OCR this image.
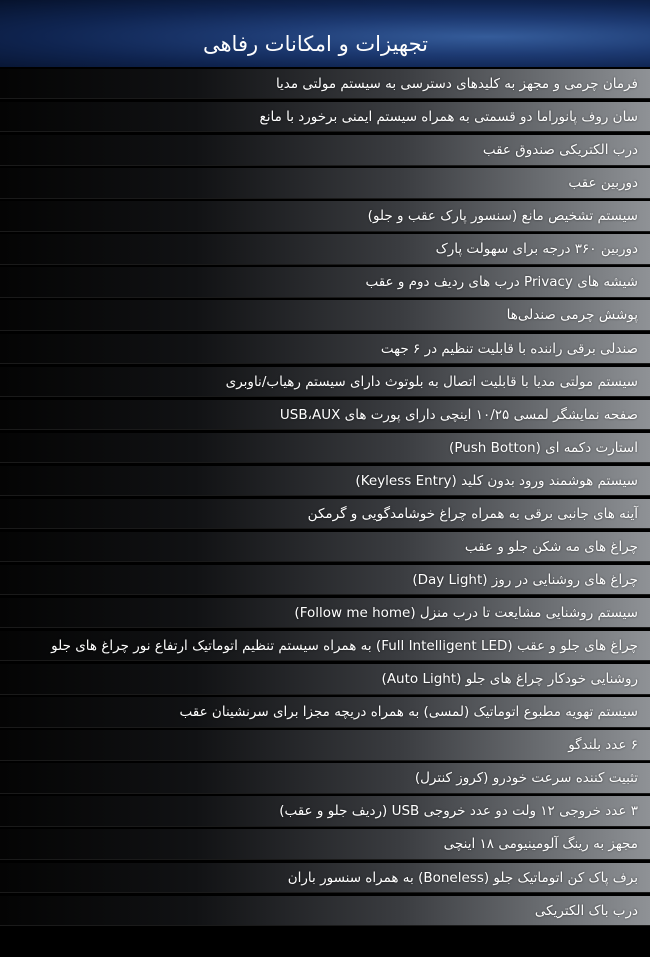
تجهیزات و امکانات رفاهی
فرمان چرمی و مجهز به کلیدهای دسترسی به سیستم مولتی مدیا
سان روف پانوراما دو قسمتی به همراه سیستم ایمنی برخورد با مانع
درب الکتریکی صندوق عقب
دوربین عقب
سیستم تشخیص مانع (سنسور پارک عقب و جلو)
دوربین ۳۶۰ درجه برای سهولت پارک
شیشه های Privacy درب های ردیف دوم و عقب
پوشش چرمی صندلی‌ها
صندلی برقی راننده با قابلیت تنظیم در ۶ جهت
سیستم مولتی مدیا با قابلیت اتصال به بلوتوث دارای سیستم رهیاب/ناوبری
صفحه نمایشگر لمسی ۱۰/۲۵ اینچی دارای پورت های USB،AUX
استارت دکمه ای (Push Botton)
سیستم هوشمند ورود بدون کلید (Keyless Entry)
آینه های جانبی برقی به همراه چراغ خوشامدگویی و گرمکن
چراغ های مه شکن جلو و عقب
چراغ های روشنایی در روز (Day Light)
سیستم روشنایی مشایعت تا درب منزل (Follow me home)
چراغ های جلو و عقب (Full Intelligent LED) به همراه سیستم تنظیم اتوماتیک ارتفاع نور چراغ های جلو
روشنایی خودکار چراغ های جلو (Auto Light)
سیستم تهویه مطبوع اتوماتیک (لمسی) به همراه دریچه مجزا برای سرنشینان عقب
۶ عدد بلندگو
تثبیت کننده سرعت خودرو (کروز کنترل)
۳ عدد خروجی ۱۲ ولت دو عدد خروجی USB (ردیف جلو و عقب)
مجهز به رینگ آلومینیومی ۱۸ اینچی
برف پاک کن اتوماتیک جلو (Boneless) به همراه سنسور باران
درب باک الکتریکی
